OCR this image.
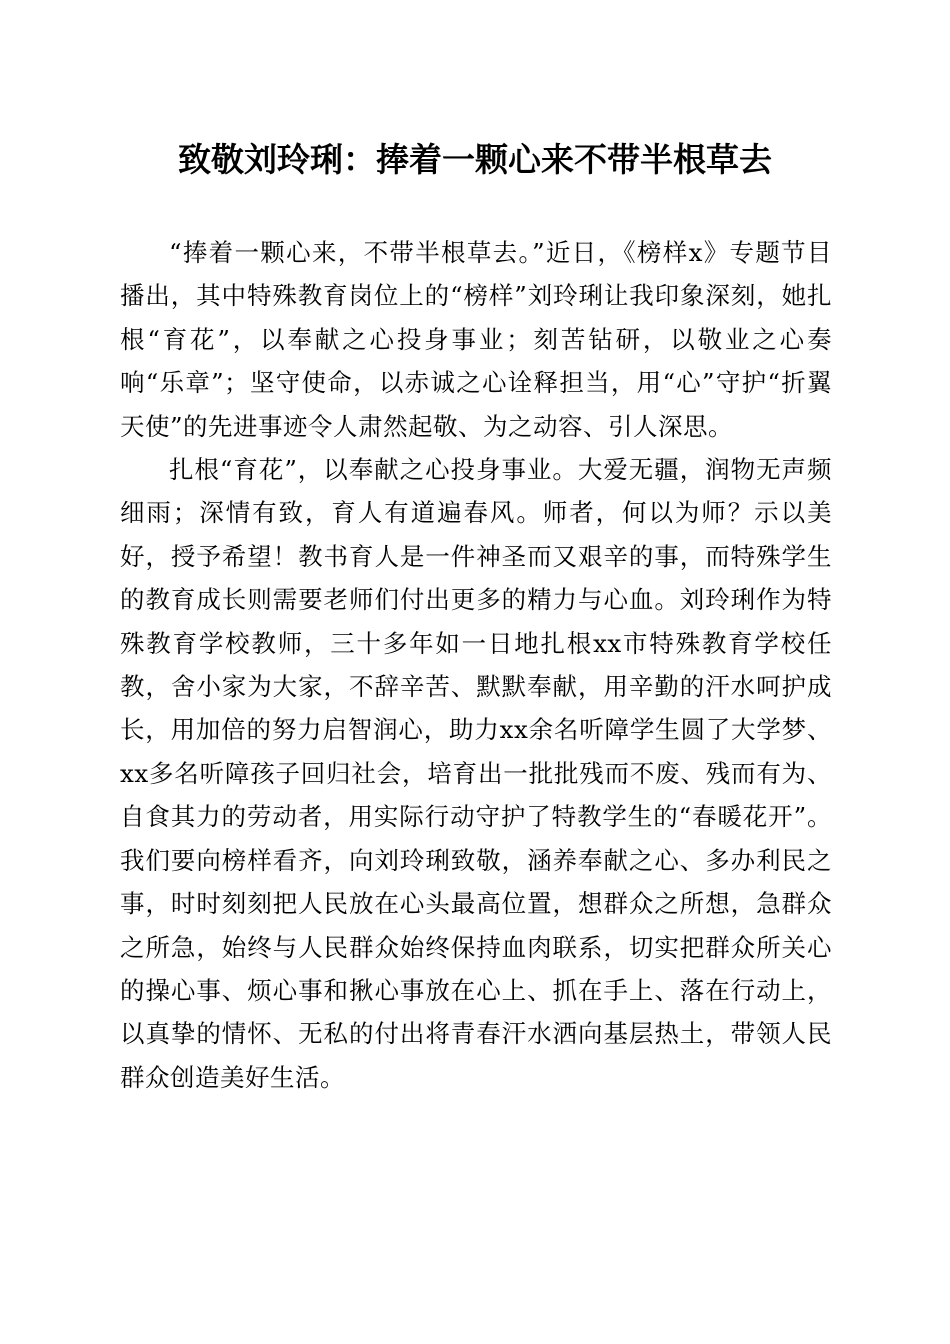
致敬刘玲琍：捧着一颗心来不带半根草去

“捧着一颗心来，不带半根草去。”近日，《榜样x》专题节目播出，其中特殊教育岗位上的“榜样”刘玲琍让我印象深刻，她扎根“育花”，以奉献之心投身事业；刻苦钻研，以敬业之心奏响“乐章”；坚守使命，以赤诚之心诠释担当，用“心”守护“折翼天使”的先进事迹令人肃然起敬、为之动容、引人深思。

扎根“育花”，以奉献之心投身事业。大爱无疆，润物无声频细雨；深情有致，育人有道遍春风。师者，何以为师？示以美好，授予希望！教书育人是一件神圣而又艰辛的事，而特殊学生的教育成长则需要老师们付出更多的精力与心血。刘玲琍作为特殊教育学校教师，三十多年如一日地扎根xx市特殊教育学校任教，舍小家为大家，不辞辛苦、默默奉献，用辛勤的汗水呵护成长，用加倍的努力启智润心，助力xx余名听障学生圆了大学梦、xx多名听障孩子回归社会，培育出一批批残而不废、残而有为、自食其力的劳动者，用实际行动守护了特教学生的“春暖花开”。我们要向榜样看齐，向刘玲琍致敬，涵养奉献之心、多办利民之事，时时刻刻把人民放在心头最高位置，想群众之所想，急群众之所急，始终与人民群众始终保持血肉联系，切实把群众所关心的操心事、烦心事和揪心事放在心上、抓在手上、落在行动上，以真挚的情怀、无私的付出将青春汗水洒向基层热土，带领人民群众创造美好生活。
